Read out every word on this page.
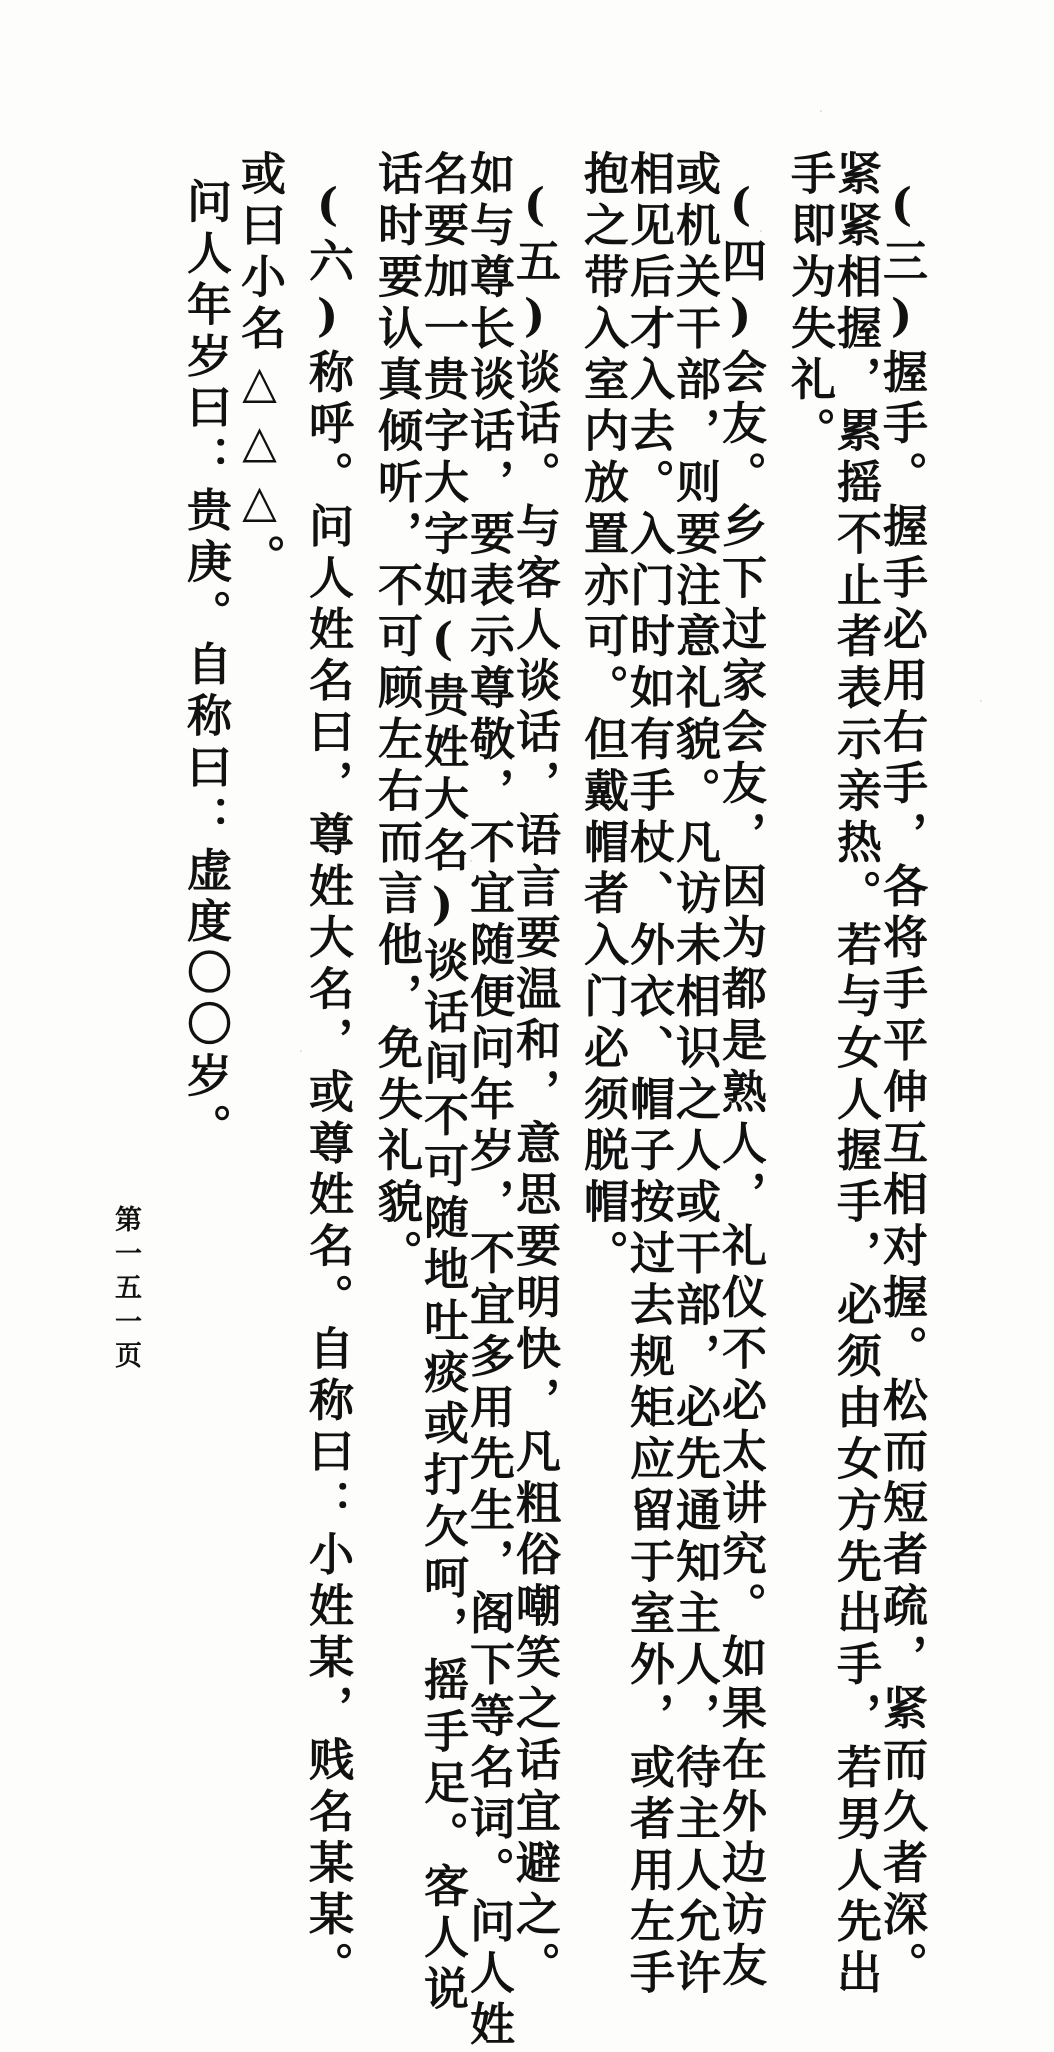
(三)握手。握手必用右手，各将手平伸互相对握。松而短者疏，紧而久者深。
紧紧相握，累摇不止者表示亲热。若与女人握手，必须由女方先出手，若男人先出
手即为失礼。
(四)会友。乡下过家会友，因为都是熟人，礼仪不必太讲究。如果在外边访友
或机关干部，则要注意礼貌。凡访未相识之人或干部，必先通知主人，待主人允许
相见后才入去。入门时如有手杖、外衣、帽子按过去规矩应留于室外，或者用左手
抱之带入室内放置亦可。但戴帽者入门必须脱帽。
(五)谈话。与客人谈话，语言要温和，意思要明快，凡粗俗嘲笑之话宜避之。
如与尊长谈话，要表示尊敬，不宜随便问年岁，不宜多用先生，阁下等名词。问人姓
名要加一贵字大字如(贵姓大名)谈话间不可随地吐痰或打欠呵，摇手足。客人说
话时要认真倾听，不可顾左右而言他，免失礼貌。
(六)称呼。问人姓名曰，尊姓大名，或尊姓名。自称曰：小姓某，贱名某某。
或曰小名△△△。
问人年岁曰：贵庚。自称曰：虚度〇〇岁。
第一五一页
